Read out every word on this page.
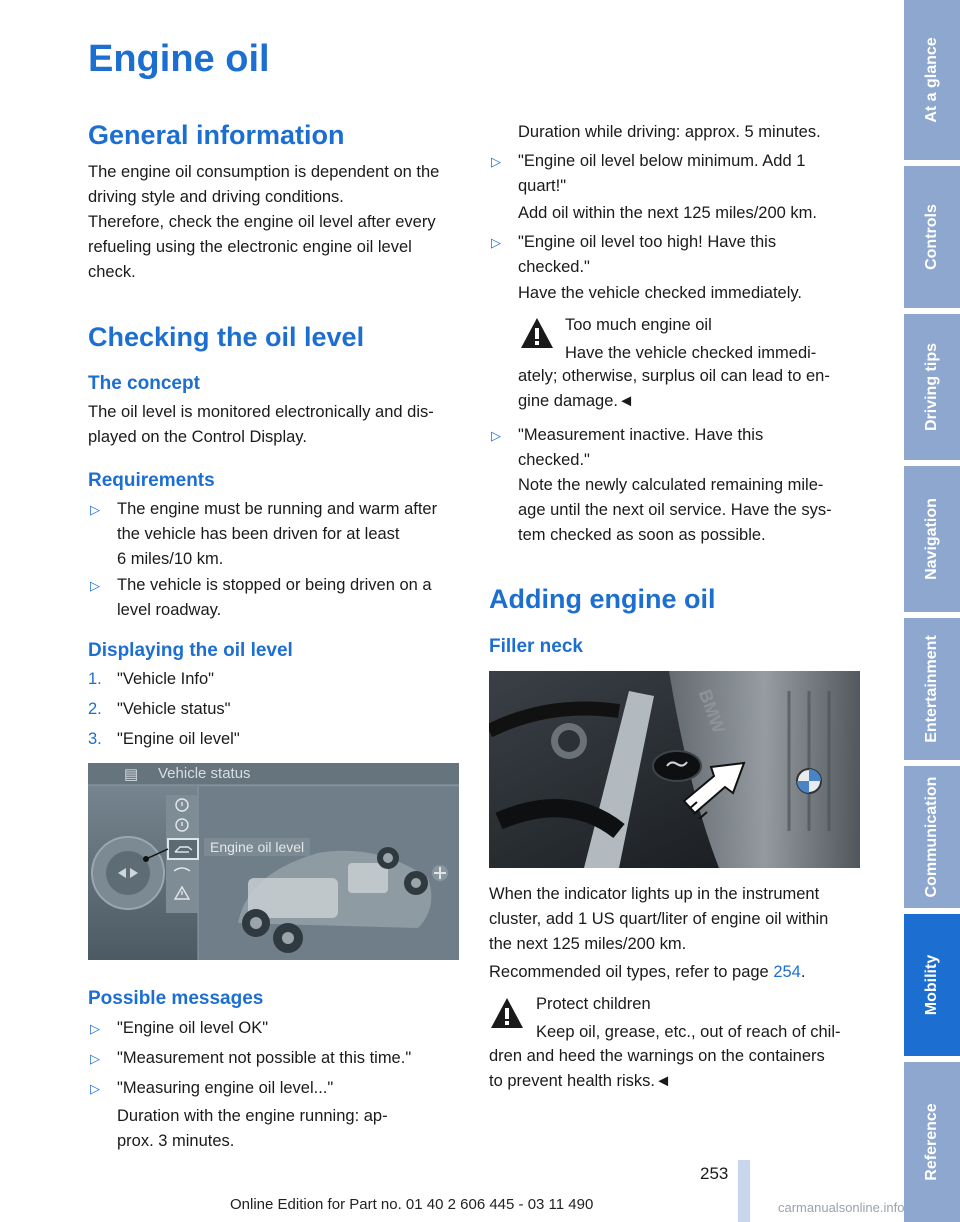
Engine oil
General information

The engine oil consumption is dependent on the
driving style and driving conditions.

Therefore, check the engine oil level after every
refueling using the electronic engine oil level
check.

Checking the oil level
The concept

The oil level is monitored electronically and dis-
played on the Control Display.

Requirements
▷ The engine must be running and warm after
the vehicle has been driven for at least
6 miles/10 km.

▷ The vehicle is stopped or being driven on a
level roadway.

Displaying the oil level
1. "Vehicle Info"

2. "Vehicle status"

3. "Engine oil level"

▤ Vehicle status
Engine oil level
Possible messages
▷ "Engine oil level OK"

▷ "Measurement not possible at this time."

▷ "Measuring engine oil level..."

Duration with the engine running: ap-
prox. 3 minutes.

Duration while driving: approx. 5 minutes.

▷ "Engine oil level below minimum. Add 1
quart!"

Add oil within the next 125 miles/200 km.

▷ "Engine oil level too high! Have this
checked."

Have the vehicle checked immediately.

Too much engine oil

Have the vehicle checked immedi-

ately; otherwise, surplus oil can lead to en-
gine damage.◄

▷ "Measurement inactive. Have this
checked."

Note the newly calculated remaining mile-
age until the next oil service. Have the sys-
tem checked as soon as possible.

Adding engine oil
Filler neck
BMW

When the indicator lights up in the instrument
cluster, add 1 US quart/liter of engine oil within
the next 125 miles/200 km.

Recommended oil types, refer to page 254.

Protect children

Keep oil, grease, etc., out of reach of chil-

dren and heed the warnings on the containers
to prevent health risks.◄

At a glance
Controls
Driving tips
Navigation
Entertainment
Communication
Mobility
Reference
253
Online Edition for Part no. 01 40 2 606 445 - 03 11 490	carmanualsonline.info
